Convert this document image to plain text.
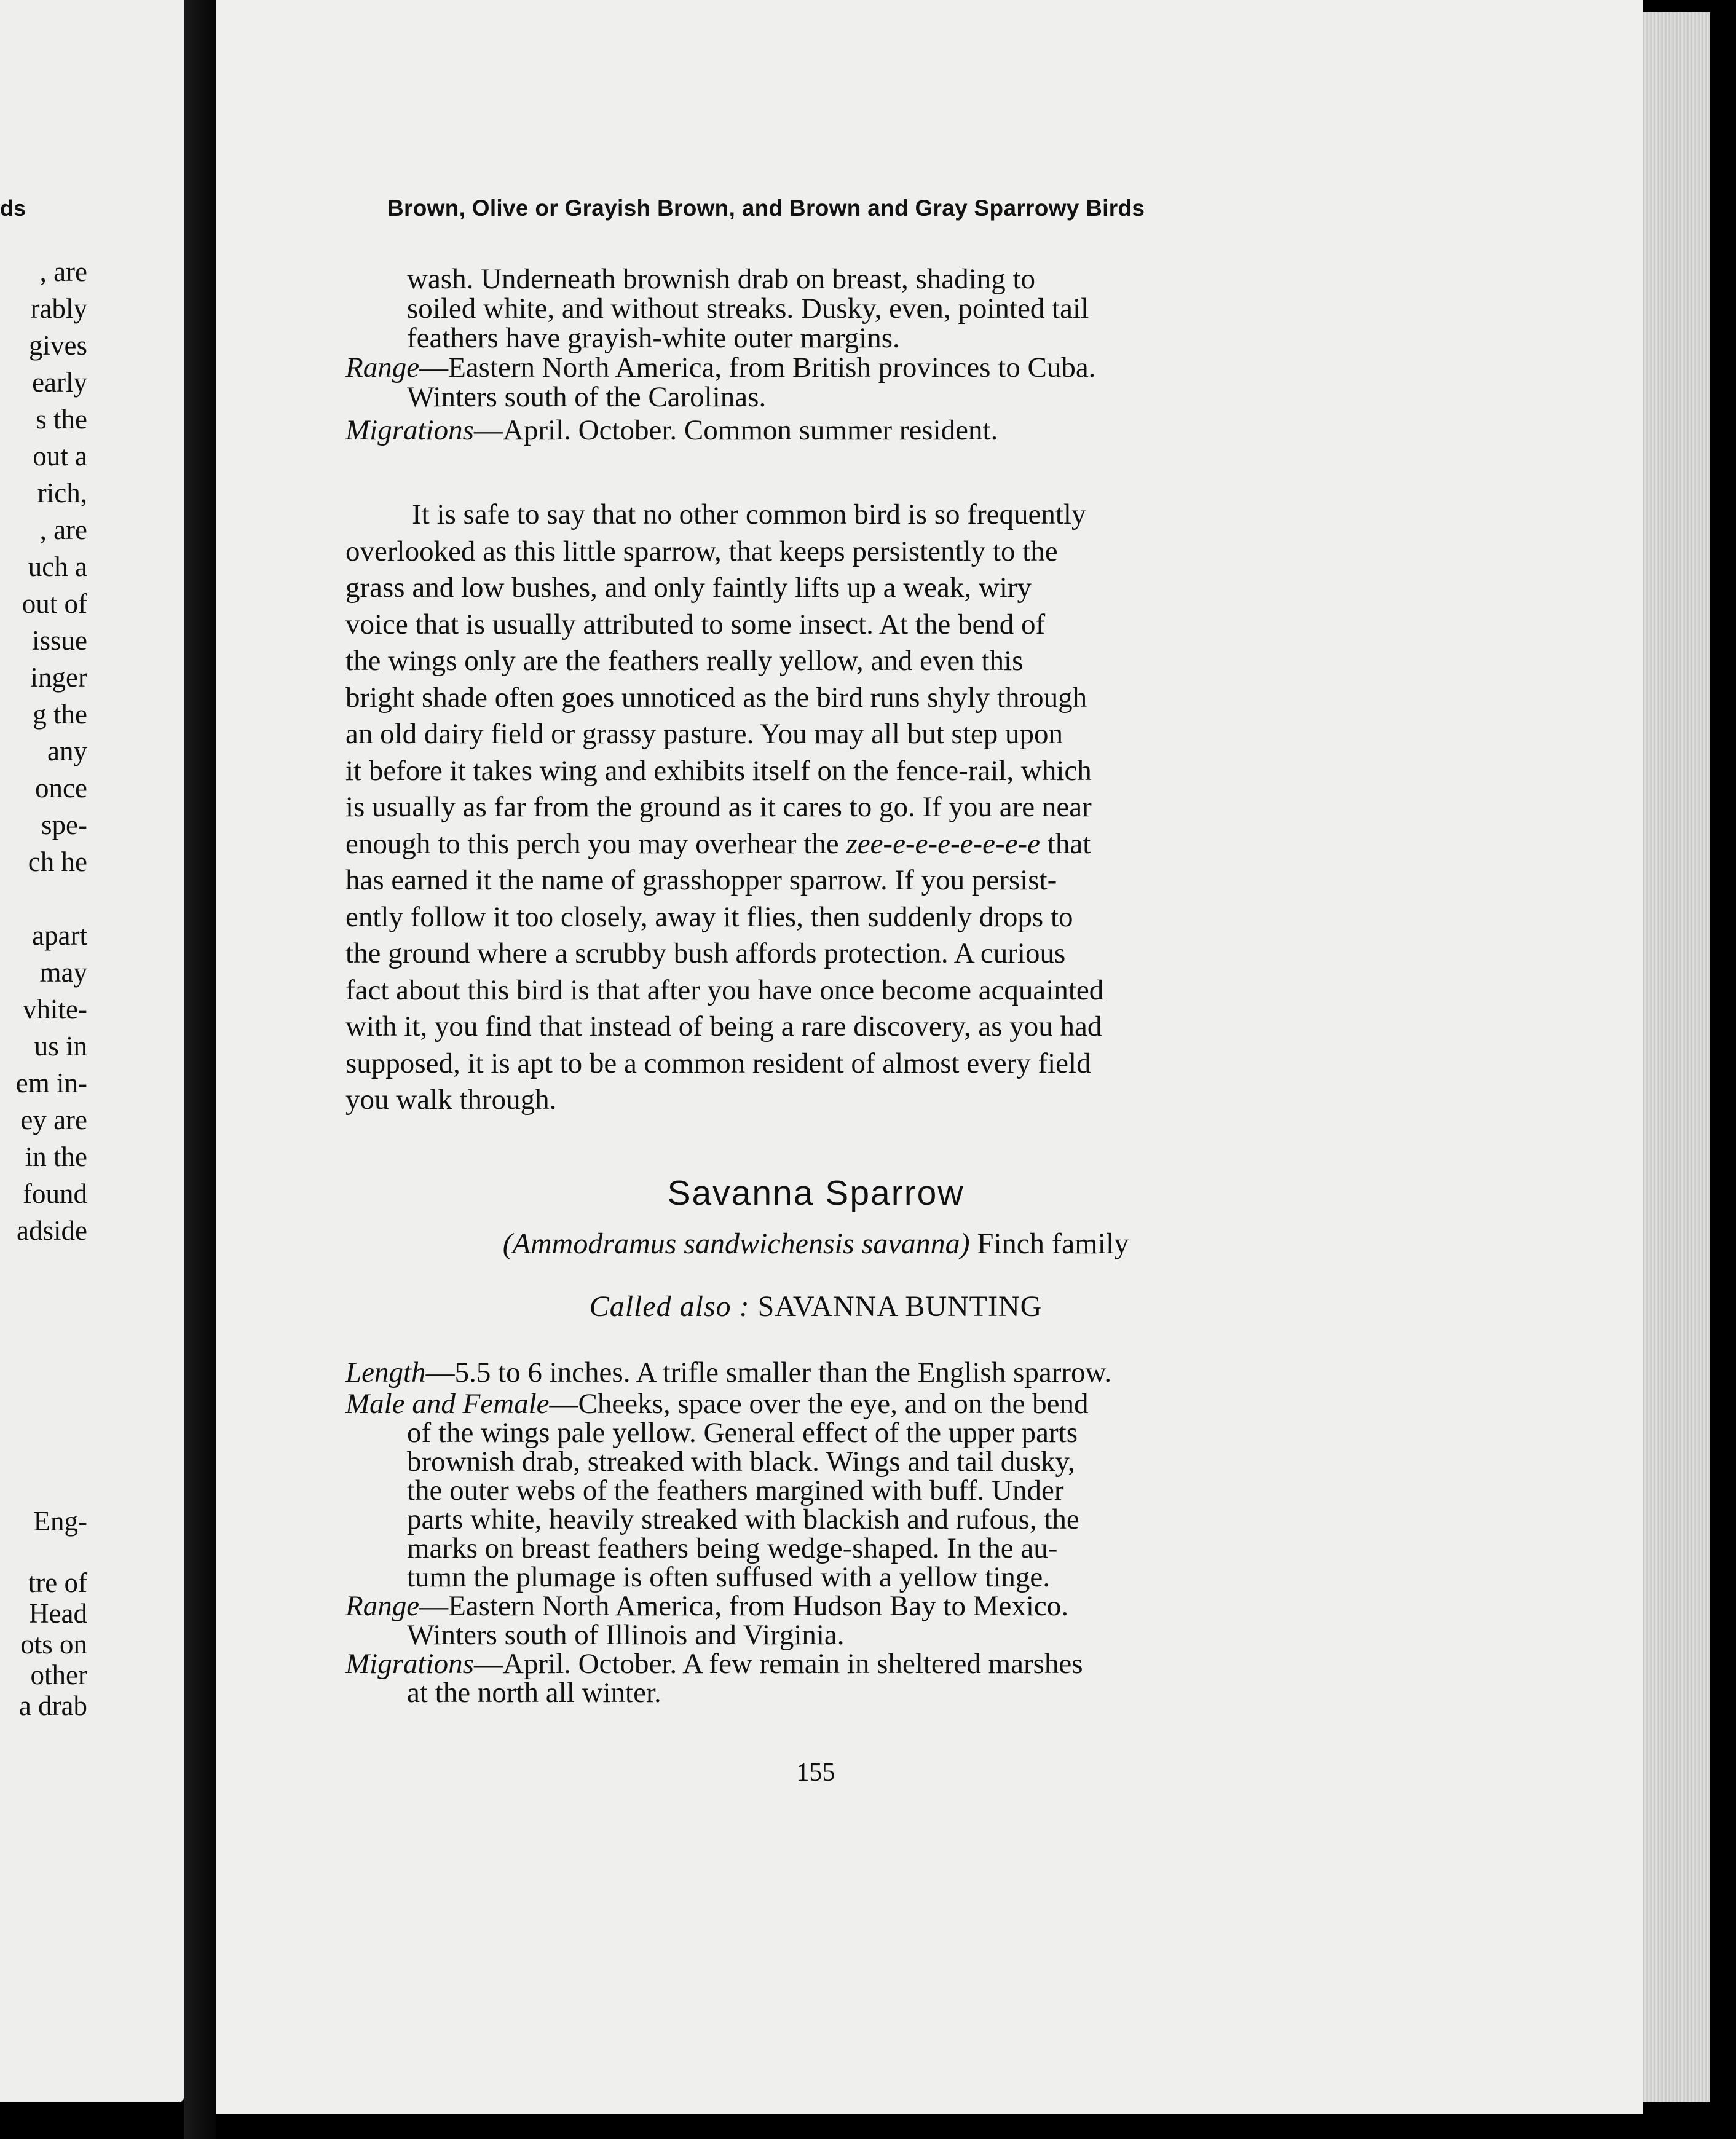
ds
, are
rably
gives
early
s the
out a
rich,
, are
uch a
out of
issue
inger
g the
any
once
spe-
ch he
apart
may
vhite-
us in
em in-
ey are
in the
found
adside
Eng-
tre of
Head
ots on
other
a drab
Brown, Olive or Grayish Brown, and Brown and Gray Sparrowy Birds
wash. Underneath brownish drab on breast, shading to
soiled white, and without streaks. Dusky, even, pointed tail
feathers have grayish-white outer margins.
Range—Eastern North America, from British provinces to Cuba.
Winters south of the Carolinas.
Migrations—April. October. Common summer resident.
It is safe to say that no other common bird is so frequently
overlooked as this little sparrow, that keeps persistently to the
grass and low bushes, and only faintly lifts up a weak, wiry
voice that is usually attributed to some insect. At the bend of
the wings only are the feathers really yellow, and even this
bright shade often goes unnoticed as the bird runs shyly through
an old dairy field or grassy pasture. You may all but step upon
it before it takes wing and exhibits itself on the fence-rail, which
is usually as far from the ground as it cares to go. If you are near
enough to this perch you may overhear the zee-e-e-e-e-e-e-e that
has earned it the name of grasshopper sparrow. If you persist-
ently follow it too closely, away it flies, then suddenly drops to
the ground where a scrubby bush affords protection. A curious
fact about this bird is that after you have once become acquainted
with it, you find that instead of being a rare discovery, as you had
supposed, it is apt to be a common resident of almost every field
you walk through.
Savanna Sparrow
(Ammodramus sandwichensis savanna) Finch family
Called also : SAVANNA BUNTING
Length—5.5 to 6 inches. A trifle smaller than the English sparrow.
Male and Female—Cheeks, space over the eye, and on the bend
of the wings pale yellow. General effect of the upper parts
brownish drab, streaked with black. Wings and tail dusky,
the outer webs of the feathers margined with buff. Under
parts white, heavily streaked with blackish and rufous, the
marks on breast feathers being wedge-shaped. In the au-
tumn the plumage is often suffused with a yellow tinge.
Range—Eastern North America, from Hudson Bay to Mexico.
Winters south of Illinois and Virginia.
Migrations—April. October. A few remain in sheltered marshes
at the north all winter.
155
